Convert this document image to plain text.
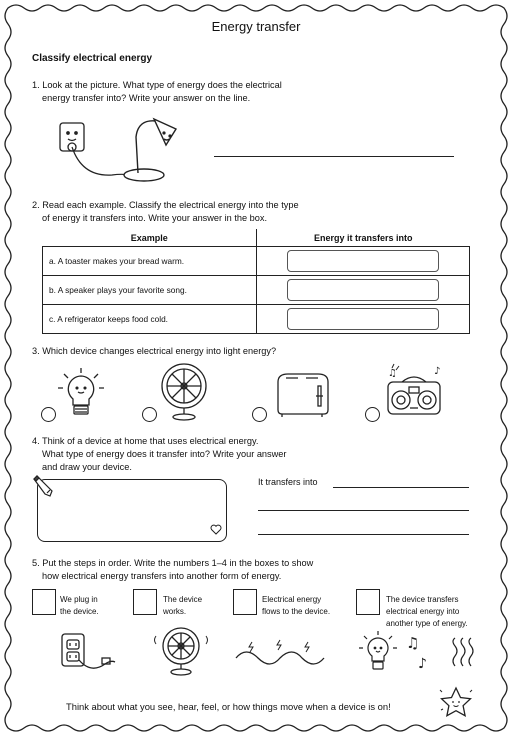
Energy transfer
Classify electrical energy
1. Look at the picture. What type of energy does the electrical
energy transfer into? Write your answer on the line.
2. Read each example. Classify the electrical energy into the type
of energy it transfers into. Write your answer in the box.
Example	Energy it transfers into
a. A toaster makes your bread warm.	

b. A speaker plays your favorite song.	

c. A refrigerator keeps food cold.	
3. Which device changes electrical energy into light energy?
♫	♪
4. Think of a device at home that uses electrical energy.
What type of energy does it transfer into? Write your answer
and draw your device.
It transfers into
5. Put the steps in order. Write the numbers 1–4 in the boxes to show
how electrical energy transfers into another form of energy.
We plug in
the device.
The device
works.
Electrical energy
flows to the device.
The device transfers
electrical energy into
another type of energy.
♫
♪
Think about what you see, hear, feel, or how things move when a device is on!
